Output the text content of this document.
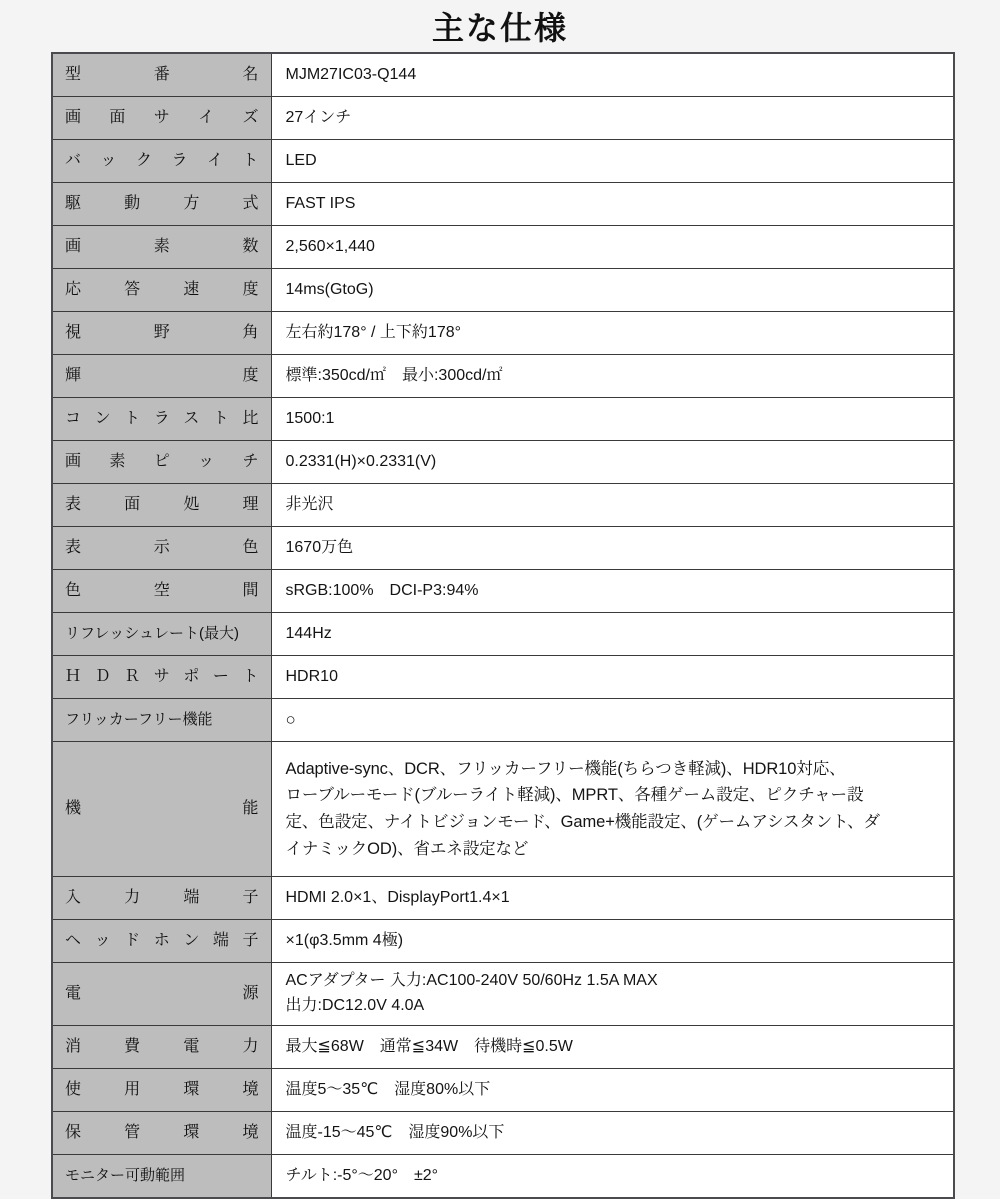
主な仕様
型 番 名	MJM27IC03-Q144

画 面 サ イ ズ	27インチ

バ ッ ク ラ イ ト	LED

駆 動 方 式	FAST IPS

画 素 数	2,560×1,440

応 答 速 度	14ms(GtoG)

視 野 角	左右約178° / 上下約178°

輝 度	標準:350cd/㎡　最小:300cd/㎡

コ ン ト ラ ス ト 比	1500:1

画 素 ピ ッ チ	0.2331(H)×0.2331(V)

表 面 処 理	非光沢

表 示 色	1670万色

色 空 間	sRGB:100%　DCI-P3:94%

リフレッシュレート(最大)	144Hz

Ｈ Ｄ Ｒ サ ポ ー ト	HDR10

フリッカーフリー機能	○

機 能	Adaptive-sync、DCR、フリッカーフリー機能(ちらつき軽減)、HDR10対応、
ローブルーモード(ブルーライト軽減)、MPRT、各種ゲーム設定、ピクチャー設
定、色設定、ナイトビジョンモード、Game+機能設定、(ゲームアシスタント、ダ
イナミックOD)、省エネ設定など

入 力 端 子	HDMI 2.0×1、DisplayPort1.4×1

ヘ ッ ド ホ ン 端 子	×1(φ3.5mm 4極)

電 源	ACアダプター 入力:AC100-240V 50/60Hz 1.5A MAX
出力:DC12.0V 4.0A

消 費 電 力	最大≦68W　通常≦34W　待機時≦0.5W

使 用 環 境	温度5〜35℃　湿度80%以下

保 管 環 境	温度-15〜45℃　湿度90%以下

モニター可動範囲	チルト:-5°〜20°　±2°
